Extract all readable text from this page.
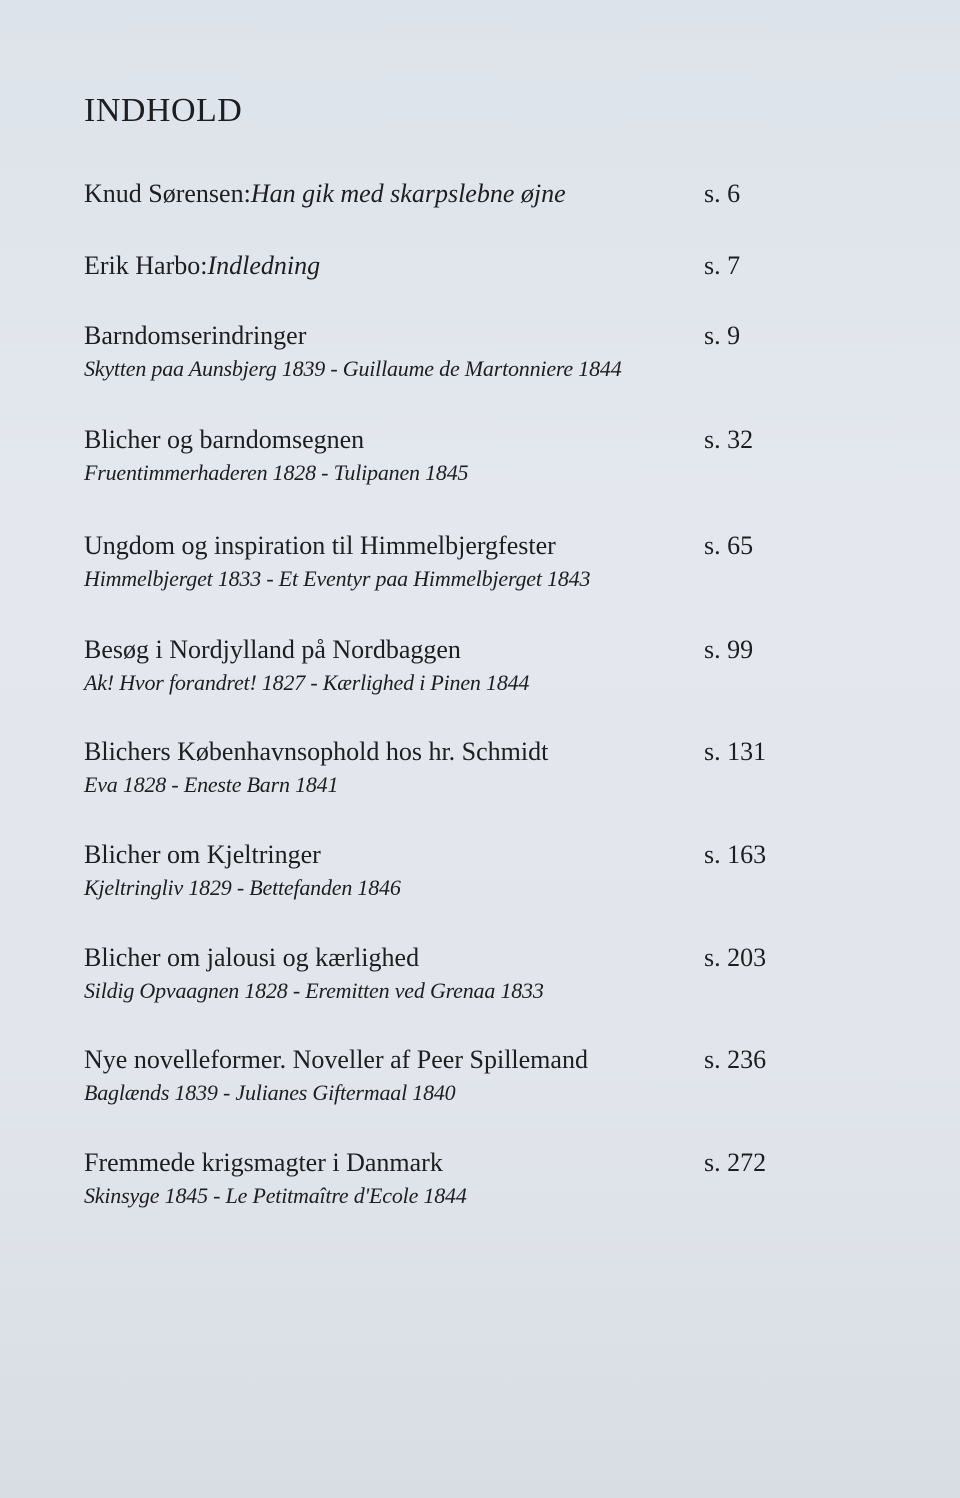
INDHOLD
Knud Sørensen: Han gik med skarpslebne øjne	s. 6
Erik Harbo: Indledning	s. 7
Barndomserindringer	s. 9
Skytten paa Aunsbjerg 1839 - Guillaume de Martonniere 1844
Blicher og barndomsegnen	s. 32
Fruentimmerhaderen 1828 - Tulipanen 1845
Ungdom og inspiration til Himmelbjergfester	s. 65
Himmelbjerget 1833 - Et Eventyr paa Himmelbjerget 1843
Besøg i Nordjylland på Nordbaggen	s. 99
Ak! Hvor forandret! 1827 - Kærlighed i Pinen 1844
Blichers Københavnsophold hos hr. Schmidt	s. 131
Eva 1828 - Eneste Barn 1841
Blicher om Kjeltringer	s. 163
Kjeltringliv 1829 - Bettefanden 1846
Blicher om jalousi og kærlighed	s. 203
Sildig Opvaagnen 1828 - Eremitten ved Grenaa 1833
Nye novelleformer. Noveller af Peer Spillemand	s. 236
Baglænds 1839 - Julianes Giftermaal 1840
Fremmede krigsmagter i Danmark	s. 272
Skinsyge 1845 - Le Petitmaître d'Ecole 1844
